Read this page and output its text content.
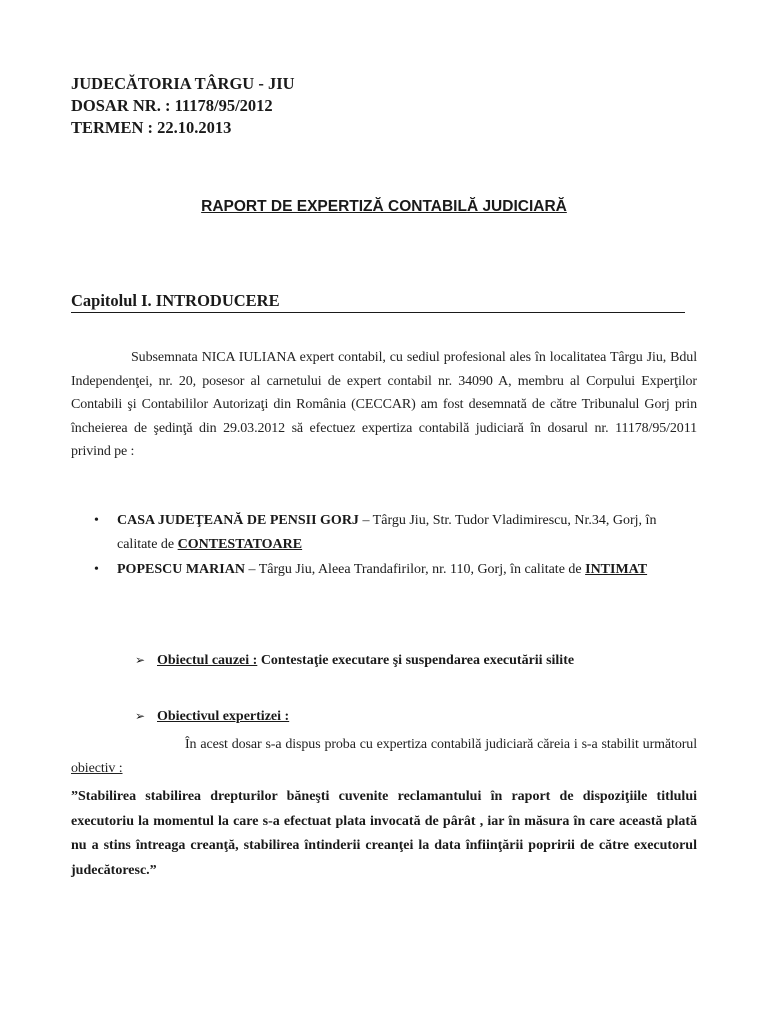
JUDECĂTORIA TÂRGU - JIU
DOSAR NR. : 11178/95/2012
TERMEN : 22.10.2013
RAPORT DE EXPERTIZĂ CONTABILĂ JUDICIARĂ
Capitolul I. INTRODUCERE
Subsemnata NICA IULIANA expert contabil, cu sediul profesional ales în localitatea Târgu Jiu, Bdul Independenţei, nr. 20, posesor al carnetului de expert contabil nr. 34090 A, membru al Corpului Experţilor Contabili şi Contabililor Autorizaţi din România (CECCAR) am fost desemnată de către Tribunalul Gorj prin încheierea de şedinţă din 29.03.2012 să efectuez expertiza contabilă judiciară în dosarul nr. 11178/95/2011 privind pe :
• CASA JUDEŢEANĂ DE PENSII GORJ – Târgu Jiu, Str. Tudor Vladimirescu, Nr.34, Gorj, în calitate de CONTESTATOARE
• POPESCU MARIAN – Târgu Jiu, Aleea Trandafirilor, nr. 110, Gorj, în calitate de INTIMAT
➢ Obiectul cauzei : Contestaţie executare şi suspendarea executării silite
➢ Obiectivul expertizei :
În acest dosar s-a dispus proba cu expertiza contabilă judiciară căreia i s-a stabilit următorul obiectiv :
”Stabilirea stabilirea drepturilor băneşti cuvenite reclamantului în raport de dispoziţiile titlului executoriu la momentul la care s-a efectuat plata invocată de pârât , iar în măsura în care această plată nu a stins întreaga creanţă, stabilirea întinderii creanţei la data înfiinţării popririi de către executorul judecătoresc.”
